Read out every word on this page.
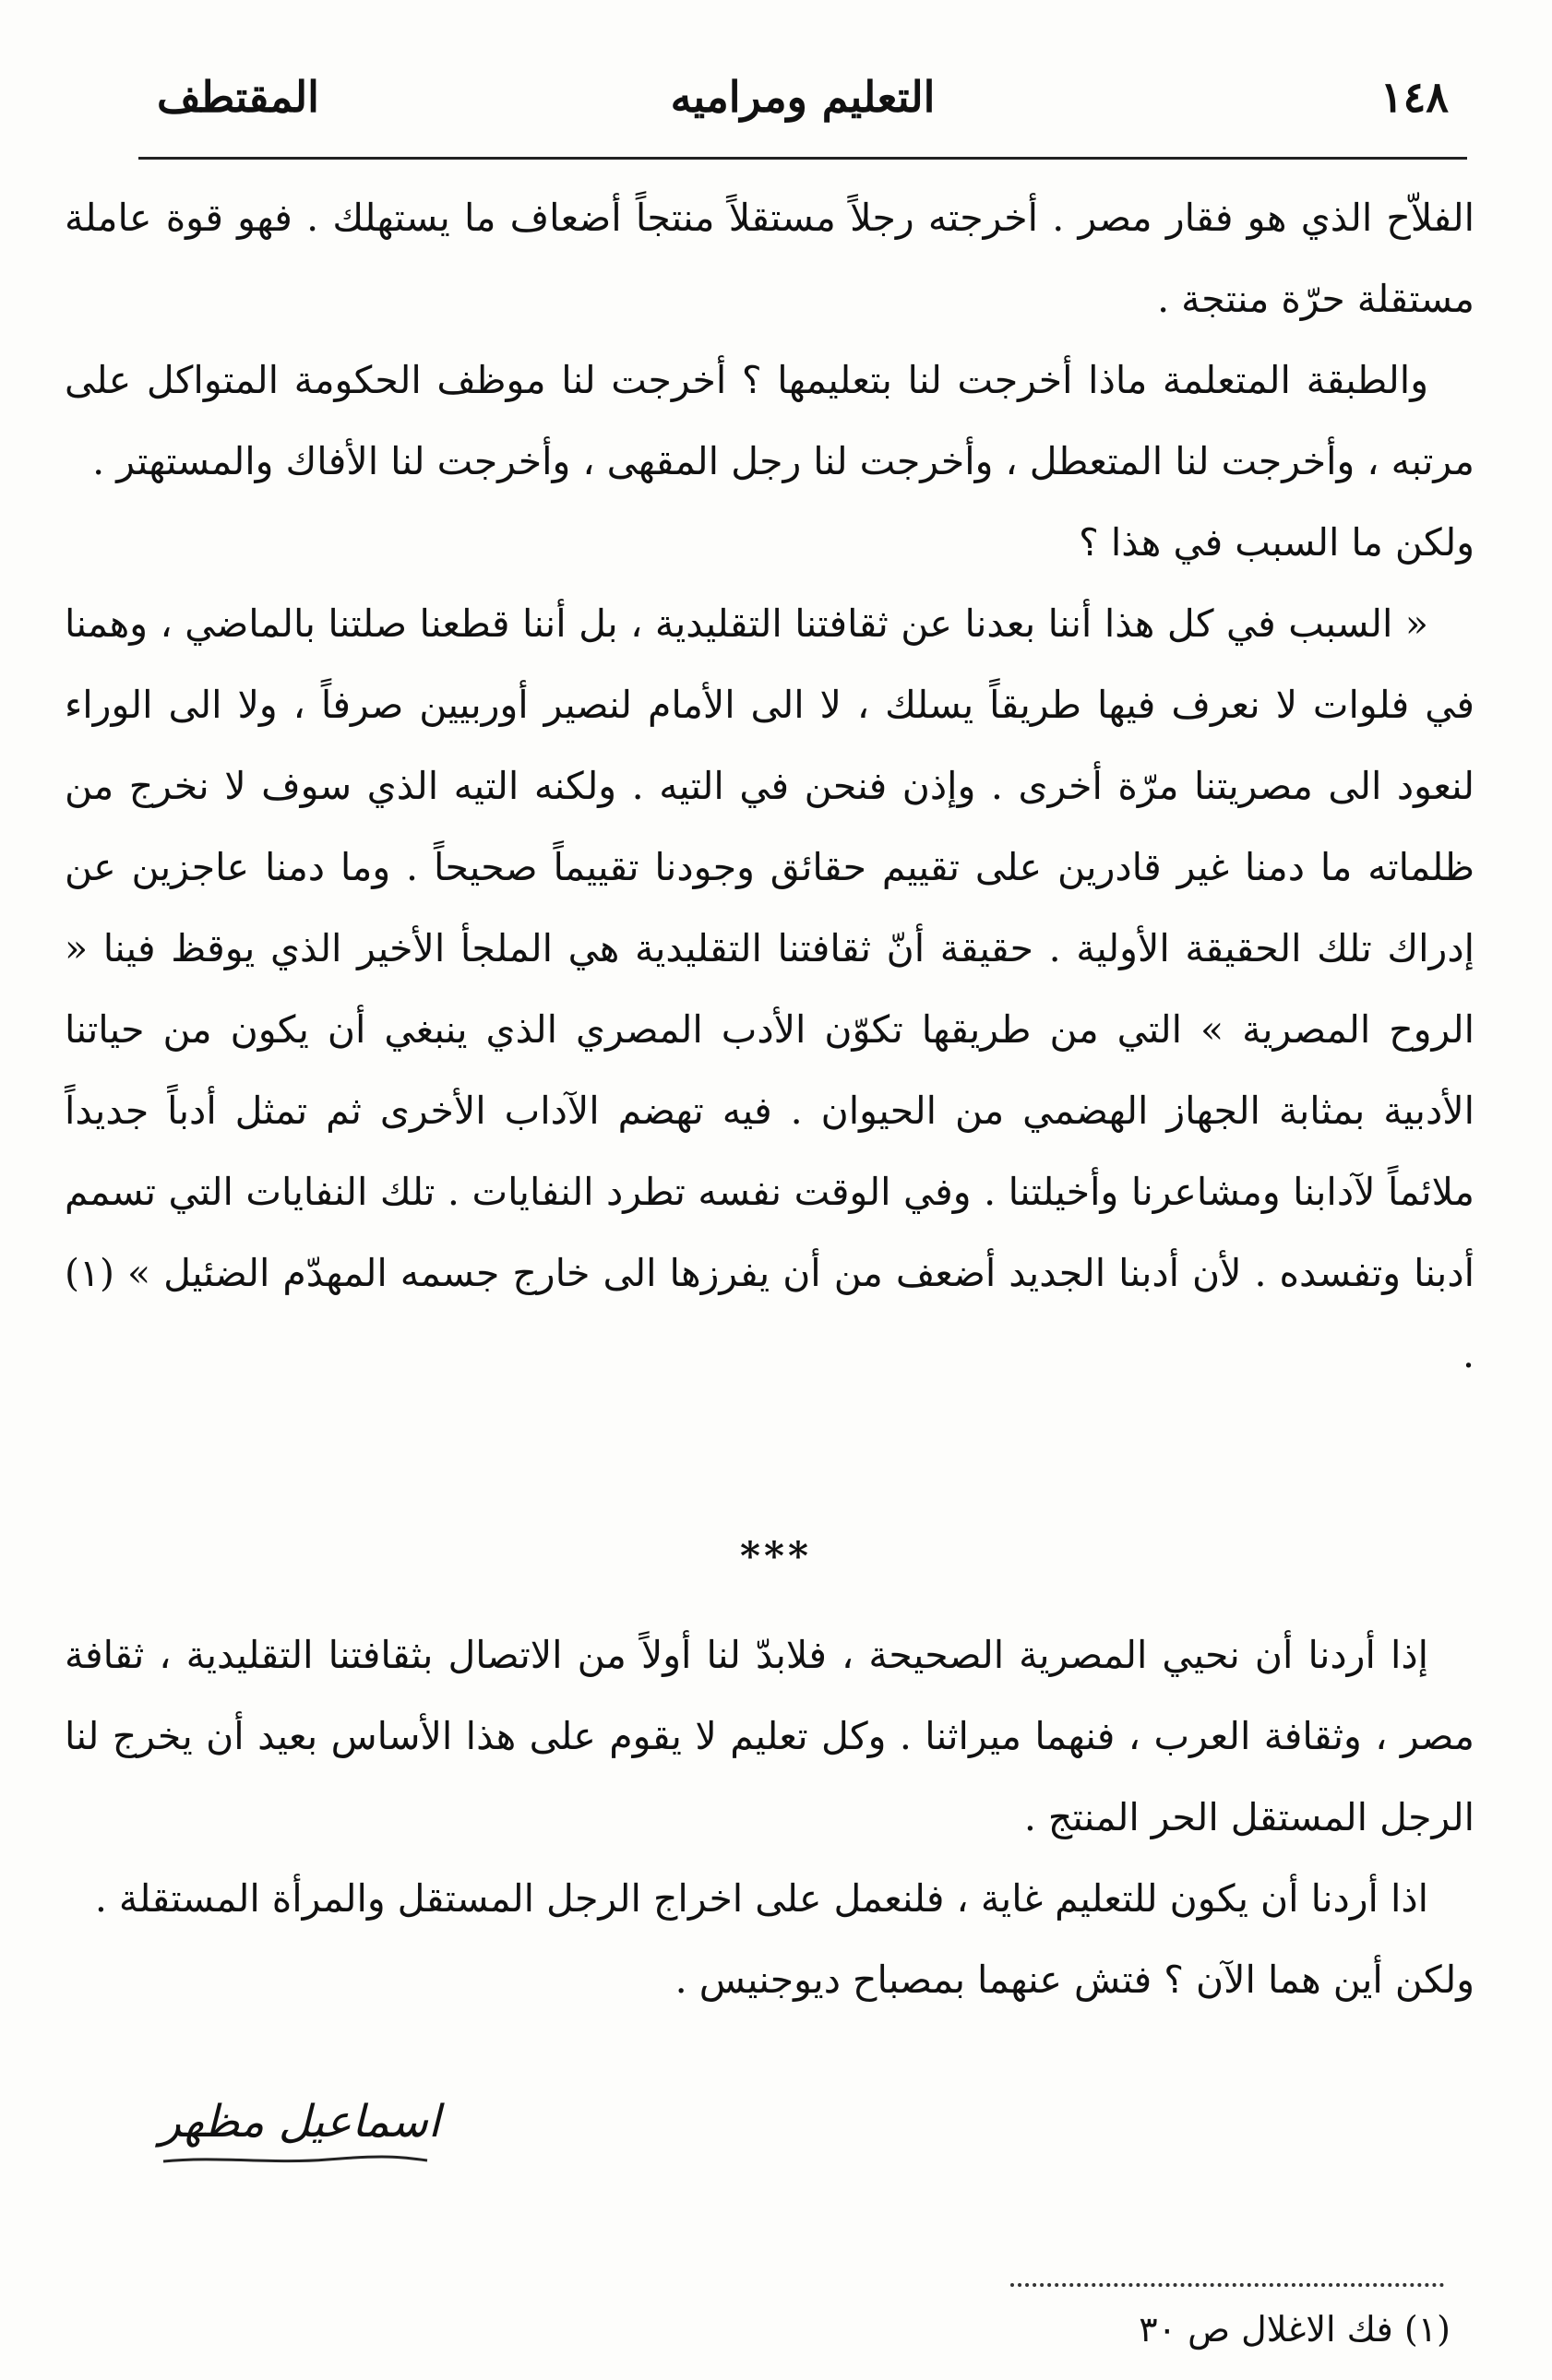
١٤٨
التعليم ومراميه
المقتطف

الفلاّح الذي هو فقار مصر . أخرجته رجلاً مستقلاً منتجاً أضعاف ما يستهلك . فهو قوة عاملة مستقلة حرّة منتجة .

والطبقة المتعلمة ماذا أخرجت لنا بتعليمها ؟ أخرجت لنا موظف الحكومة المتواكل على مرتبه ، وأخرجت لنا المتعطل ، وأخرجت لنا رجل المقهى ، وأخرجت لنا الأفاك والمستهتر .

ولكن ما السبب في هذا ؟

« السبب في كل هذا أننا بعدنا عن ثقافتنا التقليدية ، بل أننا قطعنا صلتنا بالماضي ، وهمنا في فلوات لا نعرف فيها طريقاً يسلك ، لا الى الأمام لنصير أوربيين صرفاً ، ولا الى الوراء لنعود الى مصريتنا مرّة أخرى . وإذن فنحن في التيه . ولكنه التيه الذي سوف لا نخرج من ظلماته ما دمنا غير قادرين على تقييم حقائق وجودنا تقييماً صحيحاً . وما دمنا عاجزين عن إدراك تلك الحقيقة الأولية . حقيقة أنّ ثقافتنا التقليدية هي الملجأ الأخير الذي يوقظ فينا « الروح المصرية » التي من طريقها تكوّن الأدب المصري الذي ينبغي أن يكون من حياتنا الأدبية بمثابة الجهاز الهضمي من الحيوان . فيه تهضم الآداب الأخرى ثم تمثل أدباً جديداً ملائماً لآدابنا ومشاعرنا وأخيلتنا . وفي الوقت نفسه تطرد النفايات . تلك النفايات التي تسمم أدبنا وتفسده . لأن أدبنا الجديد أضعف من أن يفرزها الى خارج جسمه المهدّم الضئيل » (١) .

***

إذا أردنا أن نحيي المصرية الصحيحة ، فلابدّ لنا أولاً من الاتصال بثقافتنا التقليدية ، ثقافة مصر ، وثقافة العرب ، فنهما ميراثنا . وكل تعليم لا يقوم على هذا الأساس بعيد أن يخرج لنا الرجل المستقل الحر المنتج .

اذا أردنا أن يكون للتعليم غاية ، فلنعمل على اخراج الرجل المستقل والمرأة المستقلة .

ولكن أين هما الآن ؟ فتش عنهما بمصباح ديوجنيس .

اسماعيل مظهر
(١) فك الاغلال ص ٣٠
